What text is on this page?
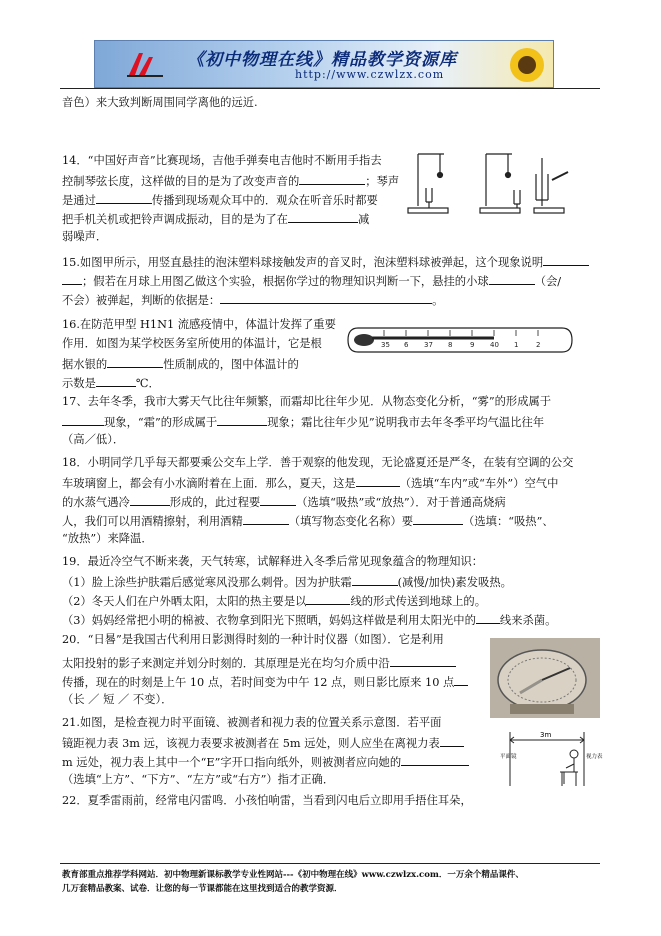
《初中物理在线》精品教学资源库
http://www.czwlzx.com
音色）来大致判断周围同学离他的远近.
14．“中国好声音”比赛现场，吉他手弹奏电吉他时不断用手指去
控制琴弦长度，这样做的目的是为了改变声音的	；琴声
是通过	传播到现场观众耳中的．观众在听音乐时都要
把手机关机或把铃声调成振动，目的是为了在	减
弱噪声．
15.如图甲所示，用竖直悬挂的泡沫塑料球接触发声的音叉时，泡沫塑料球被弹起，这个现象说明
；假若在月球上用图乙做这个实验，根据你学过的物理知识判断一下，悬挂的小球	（会/
不会）被弹起，判断的依据是：	。
16.在防范甲型 H1N1 流感疫情中，体温计发挥了重要
作用．如图为某学校医务室所使用的体温计，它是根
据水银的	性质制成的，图中体温计的
示数是	℃．
35 6 37 8	9 40 1	2
17、去年冬季，我市大雾天气比往年频繁，而霜却比往年少见．从物态变化分析，“雾”的形成属于
现象，“霜”的形成属于	现象；霜比往年少见”说明我市去年冬季平均气温比往年
（高／低）．
18．小明同学几乎每天都要乘公交车上学．善于观察的他发现，无论盛夏还是严冬，在装有空调的公交
车玻璃窗上，都会有小水滴附着在上面．那么，夏天，这是	（选填“车内”或“车外”）空气中
的水蒸气遇冷	形成的，此过程要	（选填“吸热”或“放热”）．对于普通高烧病
人，我们可以用酒精擦射，利用酒精	（填写物态变化名称）要	（选填：“吸热”、
“放热”）来降温．
19．最近冷空气不断来袭，天气转寒，试解释进入冬季后常见现象蕴含的物理知识：
（1）脸上涂些护肤霜后感觉寒风没那么刺骨。因为护肤霜	(减慢/加快)素发吸热。
（2）冬天人们在户外晒太阳，太阳的热主要是以	线的形式传送到地球上的。
（3）妈妈经常把小明的棉被、衣物拿到阳光下照晒，妈妈这样做是利用太阳光中的 线来杀菌。
20．“日晷”是我国古代利用日影测得时刻的一种计时仪器（如图）．它是利用
太阳投射的影子来测定并划分时刻的．其原理是光在均匀介质中沿
传播，现在的时刻是上午 10 点，若时间变为中午 12 点，则日影比原来 10 点
（长 ／ 短 ／ 不变）．
21.如图，是检查视力时平面镜、被测者和视力表的位置关系示意图．若平面
镜距视力表 3m 远，该视力表要求被测者在 5m 远处，则人应坐在离视力表
m 远处，视力表上其中一个“E”字开口指向纸外，则被测者应向她的
（选填“上方”、“下方”、“左方”或“右方”）指才正确．
3m
平面镜	视力表
22．夏季雷雨前，经常电闪雷鸣．小孩怕响雷，当看到闪电后立即用手捂住耳朵，
教育部重点推荐学科网站．初中物理新课标教学专业性网站---《初中物理在线》www.czwlzx.com．一万余个精品课件、
几万套精品教案、试卷．让您的每一节课都能在这里找到适合的教学资源．
